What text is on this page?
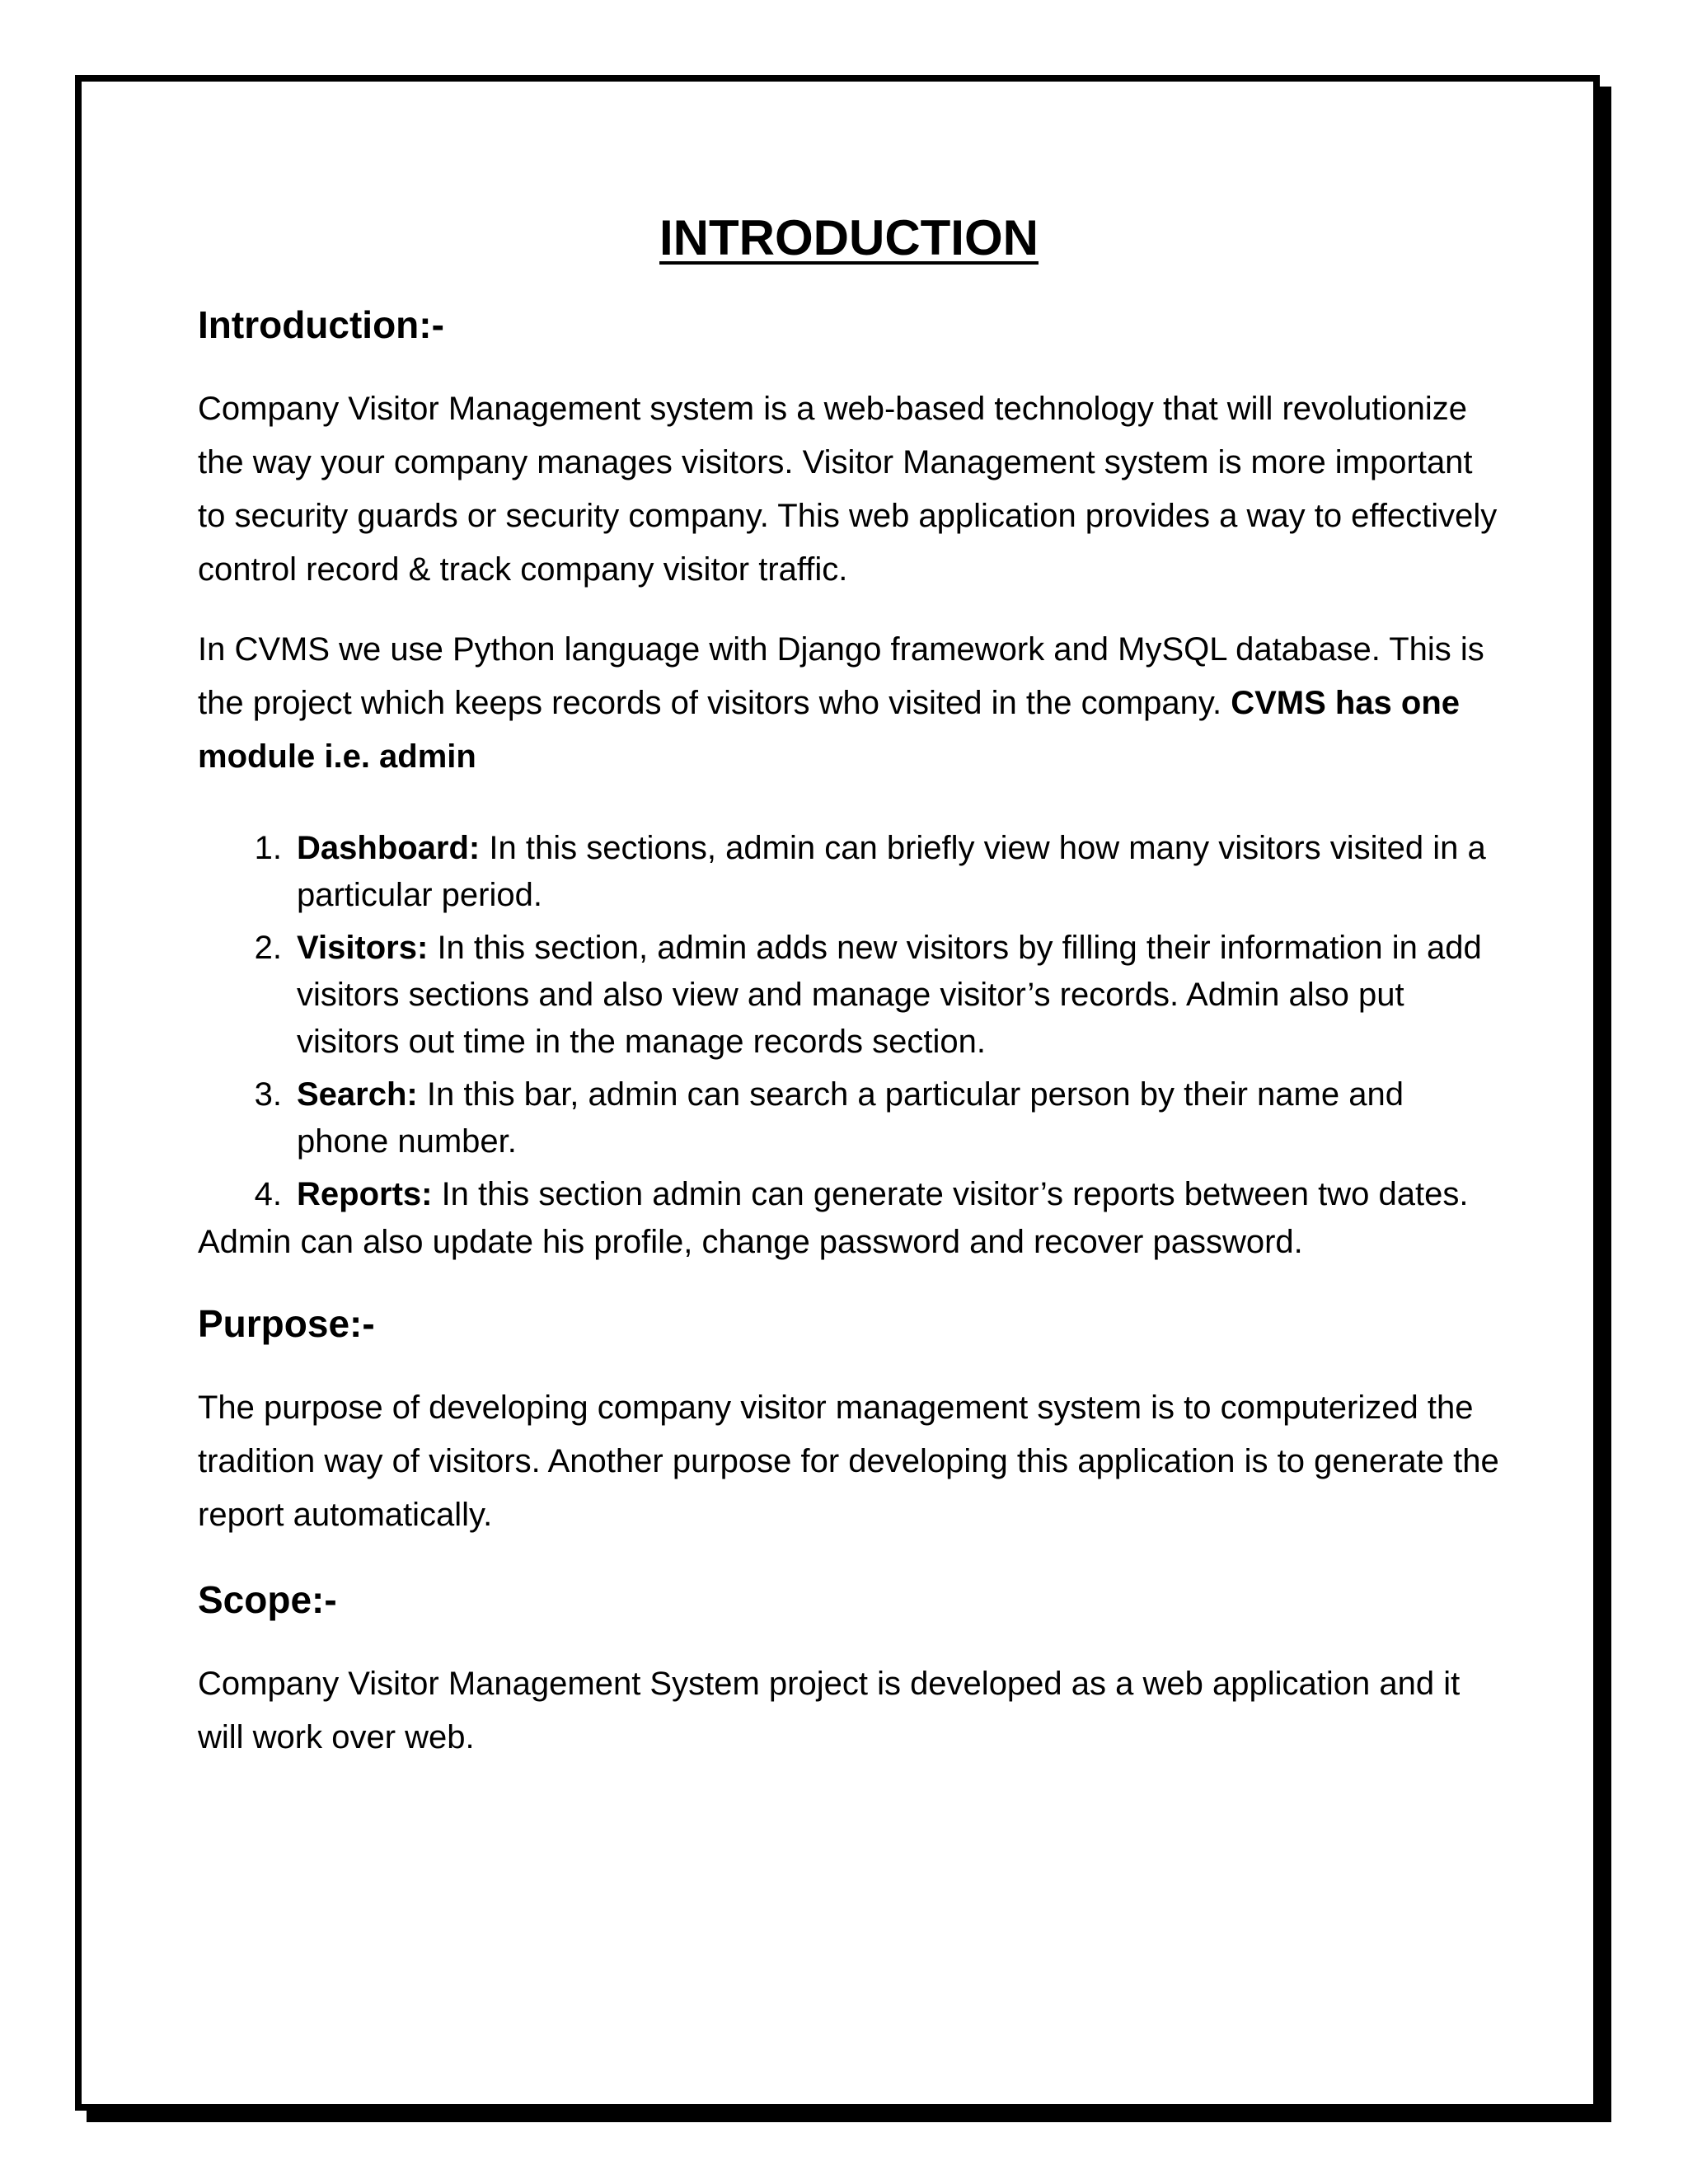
INTRODUCTION
Introduction:-

Company Visitor Management system is a web-based technology that will revolutionize the way your company manages visitors. Visitor Management system is more important to security guards or security company. This web application provides a way to effectively control record & track company visitor traffic.

In CVMS we use Python language with Django framework and MySQL database. This is the project which keeps records of visitors who visited in the company. CVMS has one module i.e. admin

1. Dashboard: In this sections, admin can briefly view how many visitors visited in a particular period.
2. Visitors: In this section, admin adds new visitors by filling their information in add visitors sections and also view and manage visitor’s records. Admin also put visitors out time in the manage records section.
3. Search: In this bar, admin can search a particular person by their name and phone number.
4. Reports: In this section admin can generate visitor’s reports between two dates.

Admin can also update his profile, change password and recover password.

Purpose:-

The purpose of developing company visitor management system is to computerized the tradition way of visitors. Another purpose for developing this application is to generate the report automatically.

Scope:-

Company Visitor Management System project is developed as a web application and it will work over web.
